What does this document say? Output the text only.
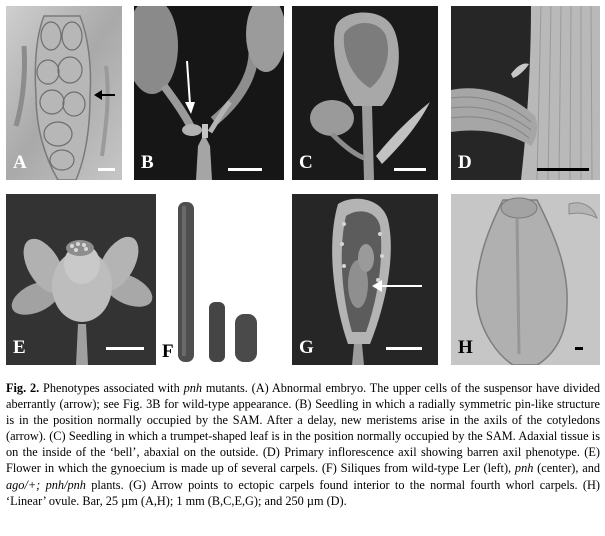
A	B	C	D
E	F	G	H
Fig. 2. Phenotypes associated with pnh mutants. (A) Abnormal embryo. The upper cells of the suspensor have divided aberrantly (arrow); see Fig. 3B for wild-type appearance. (B) Seedling in which a radially symmetric pin-like structure is in the position normally occupied by the SAM. After a delay, new meristems arise in the axils of the cotyledons (arrow). (C) Seedling in which a trumpet-shaped leaf is in the position normally occupied by the SAM. Adaxial tissue is on the inside of the ‘bell’, abaxial on the outside. (D) Primary inflorescence axil showing barren axil phenotype. (E) Flower in which the gynoecium is made up of several carpels. (F) Siliques from wild-type Ler (left), pnh (center), and ago/+; pnh/pnh plants. (G) Arrow points to ectopic carpels found interior to the normal fourth whorl carpels. (H) ‘Linear’ ovule. Bar, 25 µm (A,H); 1 mm (B,C,E,G); and 250 µm (D).
